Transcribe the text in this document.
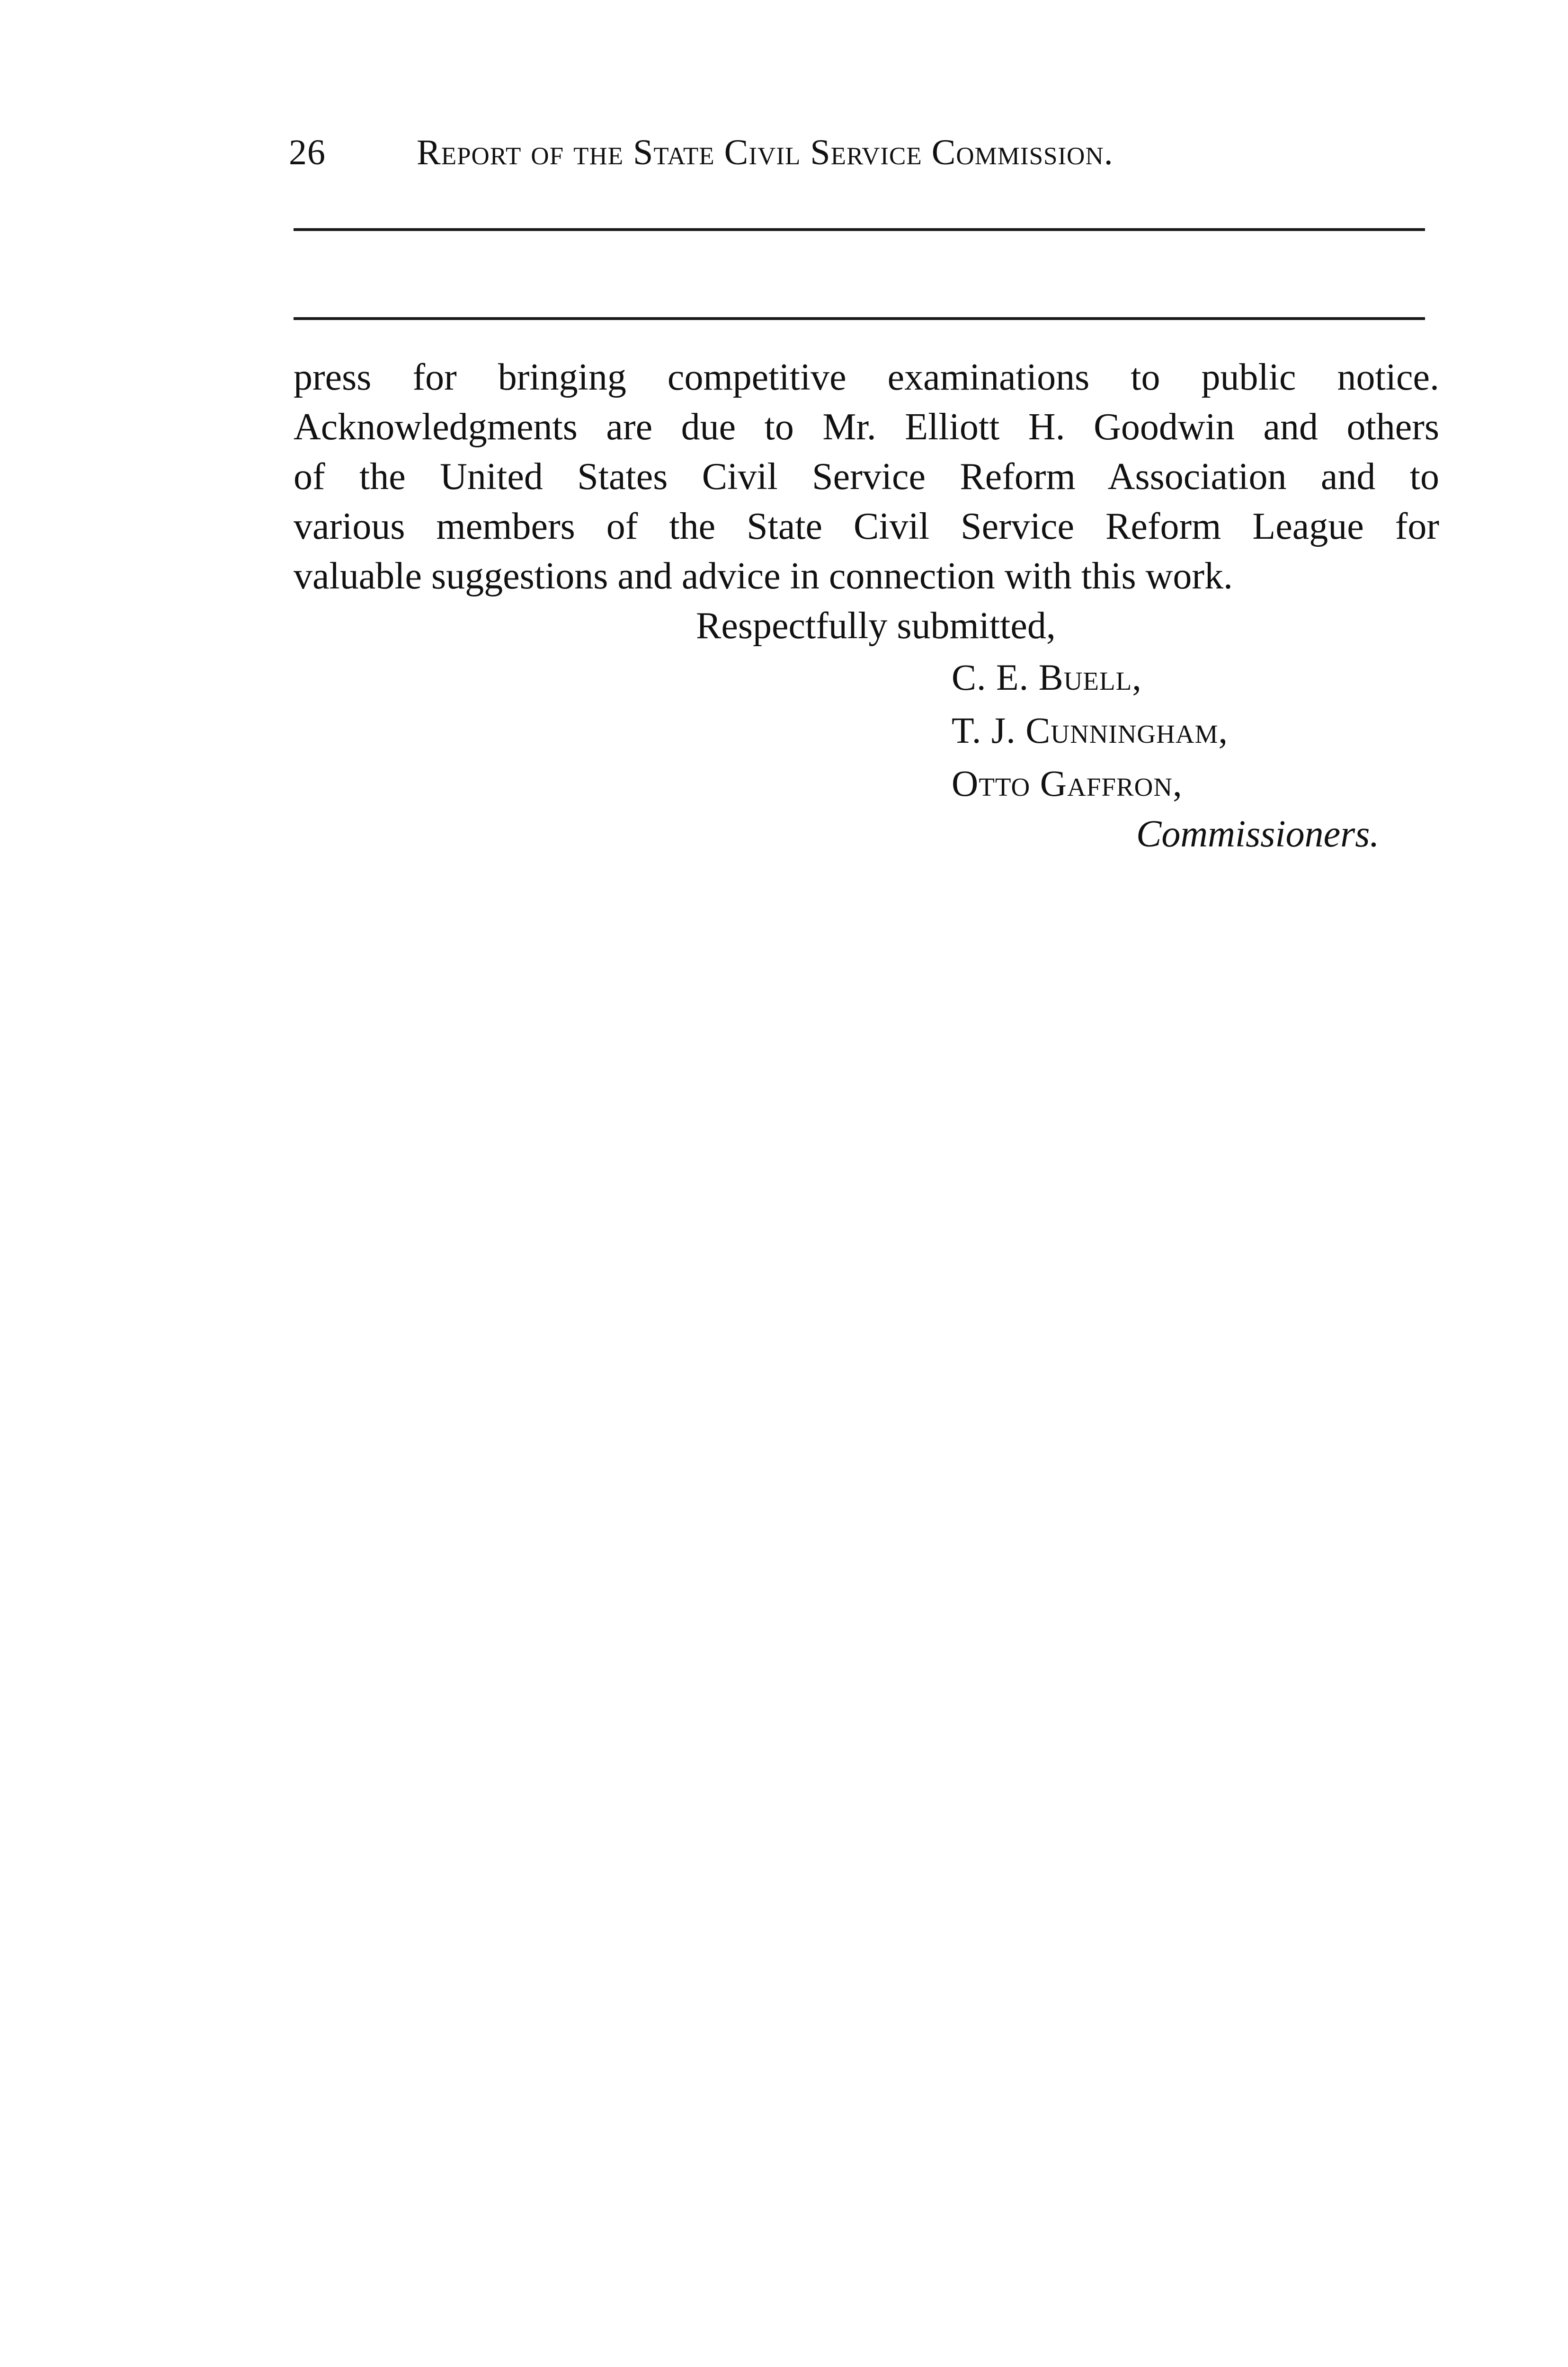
26	Report of the State Civil Service Commission.
press for bringing competitive examinations to public notice.
Acknowledgments are due to Mr. Elliott H. Goodwin and others
of the United States Civil Service Reform Association and to
various members of the State Civil Service Reform League for
valuable suggestions and advice in connection with this work.
Respectfully submitted,
C. E. Buell,
T. J. Cunningham,
Otto Gaffron,
Commissioners.
